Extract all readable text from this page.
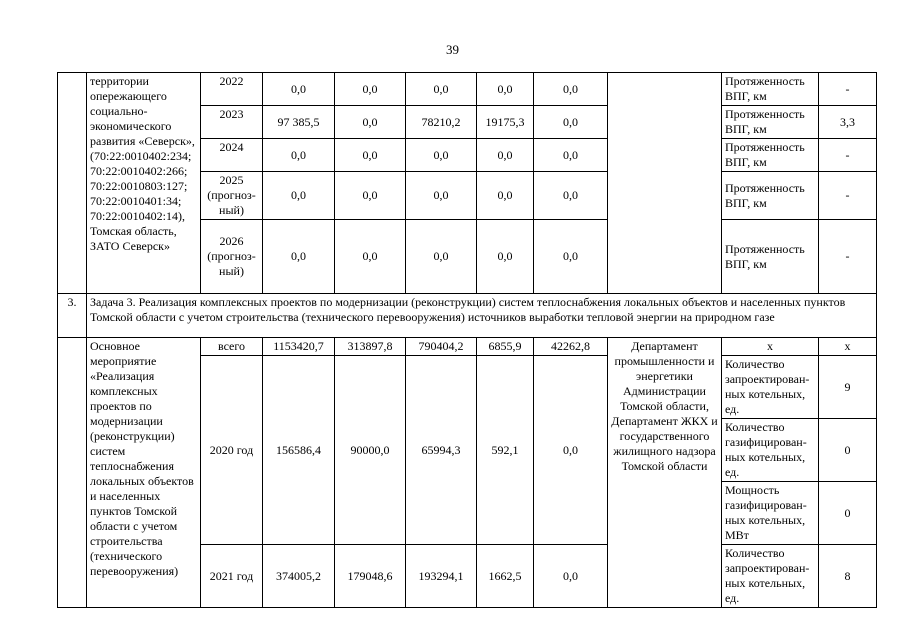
39
	территории опережающего социально-экономического развития «Северск», (70:22:0010402:234; 70:22:0010402:266; 70:22:0010803:127; 70:22:0010401:34; 70:22:0010402:14), Томская область, ЗАТО Северск»	2022	0,0	0,0	0,0	0,0	0,0		Протяженность ВПГ, км	-
		2023	97 385,5	0,0	78210,2	19175,3	0,0		Протяженность ВПГ, км	3,3
		2024	0,0	0,0	0,0	0,0	0,0		Протяженность ВПГ, км	-
		2025 (прогноз-ный)	0,0	0,0	0,0	0,0	0,0		Протяженность ВПГ, км	-
		2026 (прогноз-ный)	0,0	0,0	0,0	0,0	0,0		Протяженность ВПГ, км	-
3.	Задача 3. Реализация комплексных проектов по модернизации (реконструкции) систем теплоснабжения локальных объектов и населенных пунктов Томской области с учетом строительства (технического перевооружения) источников выработки тепловой энергии на природном газе									
	Основное мероприятие «Реализация комплексных проектов по модернизации (реконструкции) систем теплоснабжения локальных объектов и населенных пунктов Томской области с учетом строительства (технического перевооружения)	всего	1153420,7	313897,8	790404,2	6855,9	42262,8	Департамент промышленности и энергетики Администрации Томской области, Департамент ЖКХ и государственного жилищного надзора Томской области	х	х
		2020 год	156586,4	90000,0	65994,3	592,1	0,0		Количество запроектирован-ных котельных, ед.	9
									Количество газифицирован-ных котельных, ед.	0
									Мощность газифицирован-ных котельных, МВт	0
		2021 год	374005,2	179048,6	193294,1	1662,5	0,0		Количество запроектирован-ных котельных, ед.	8
